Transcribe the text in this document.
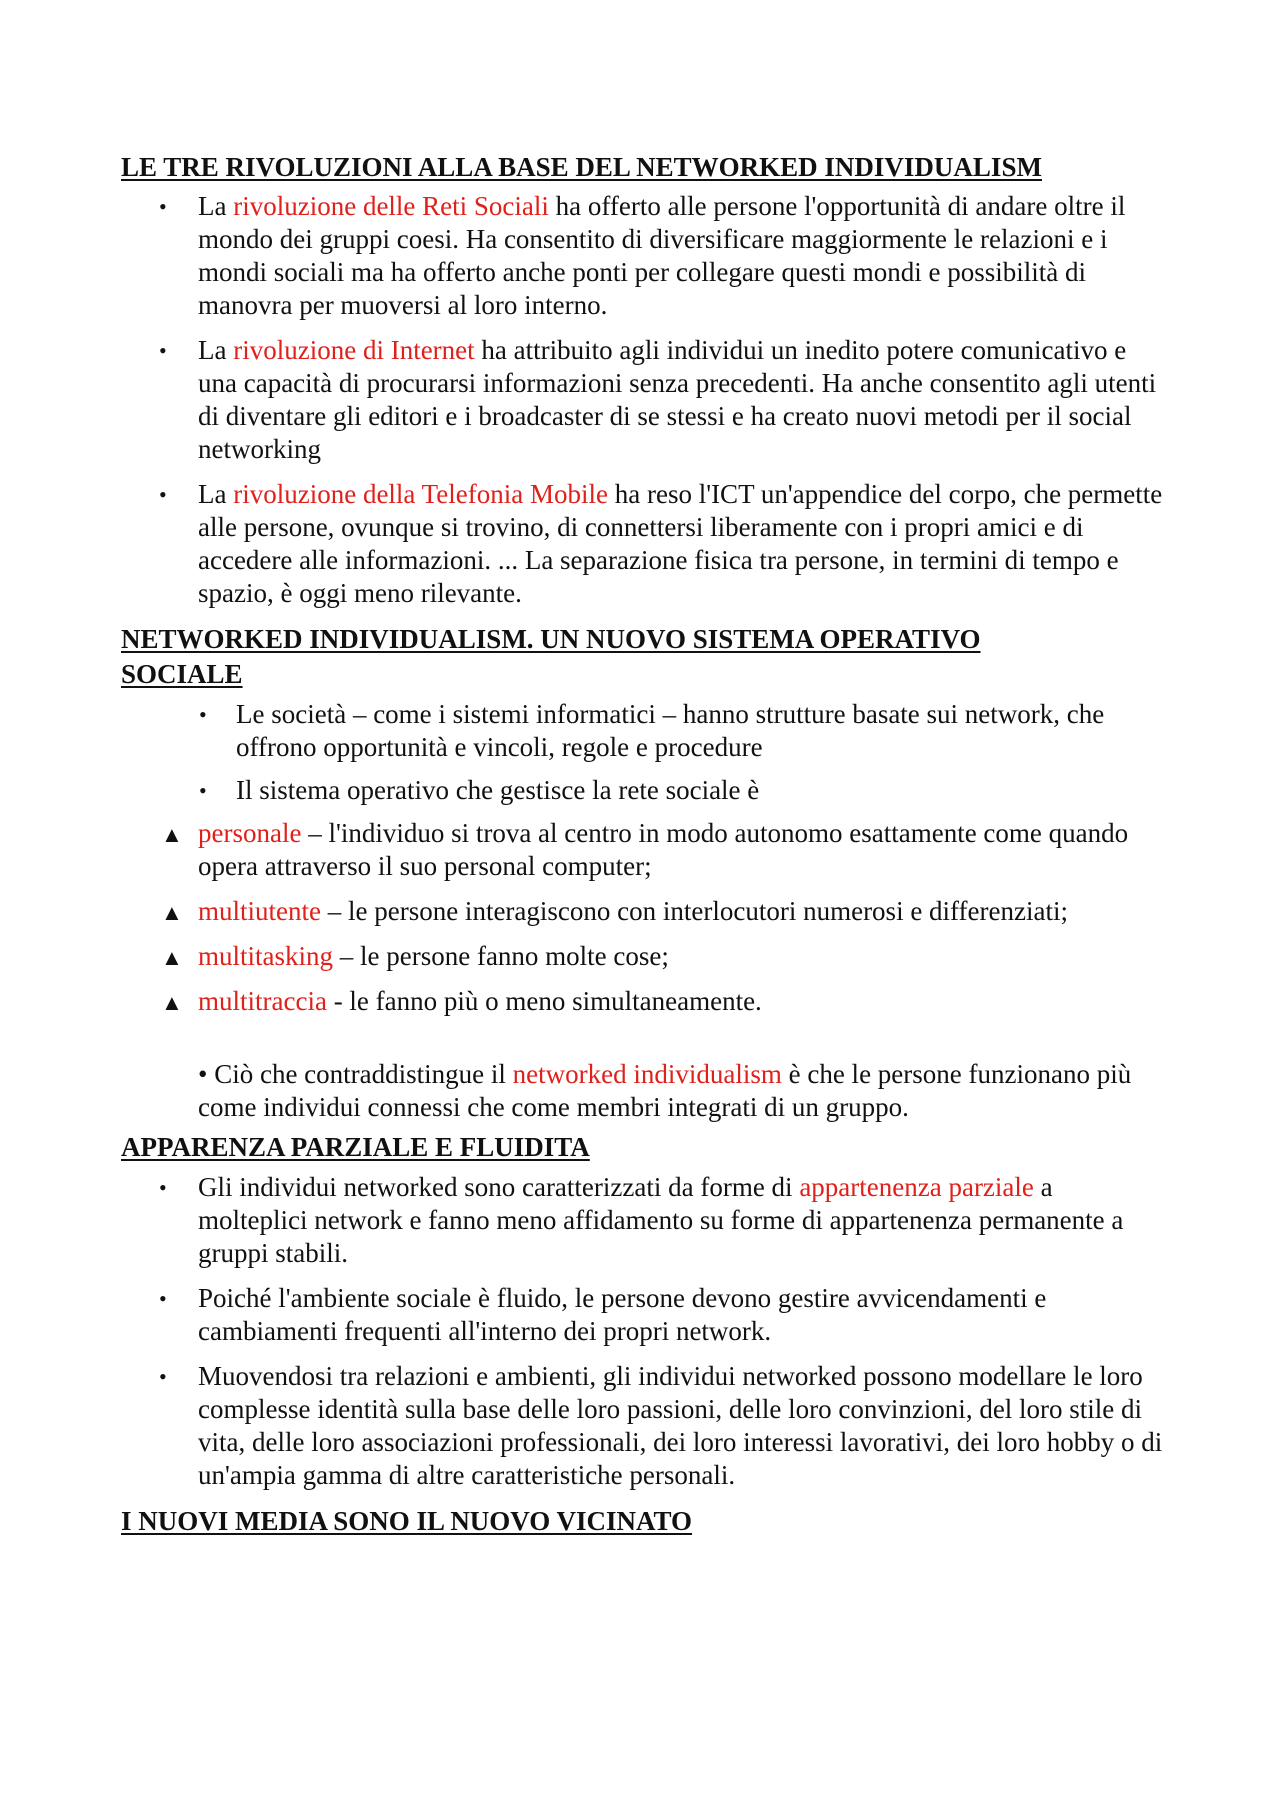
LE TRE RIVOLUZIONI ALLA BASE DEL NETWORKED INDIVIDUALISM

• La rivoluzione delle Reti Sociali ha offerto alle persone l'opportunità di andare oltre il mondo dei gruppi coesi. Ha consentito di diversificare maggiormente le relazioni e i mondi sociali ma ha offerto anche ponti per collegare questi mondi e possibilità di manovra per muoversi al loro interno.
• La rivoluzione di Internet ha attribuito agli individui un inedito potere comunicativo e una capacità di procurarsi informazioni senza precedenti. Ha anche consentito agli utenti di diventare gli editori e i broadcaster di se stessi e ha creato nuovi metodi per il social networking
• La rivoluzione della Telefonia Mobile ha reso l'ICT un'appendice del corpo, che permette alle persone, ovunque si trovino, di connettersi liberamente con i propri amici e di accedere alle informazioni. ... La separazione fisica tra persone, in termini di tempo e spazio, è oggi meno rilevante.

NETWORKED INDIVIDUALISM. UN NUOVO SISTEMA OPERATIVO SOCIALE

• Le società – come i sistemi informatici – hanno strutture basate sui network, che offrono opportunità e vincoli, regole e procedure
• Il sistema operativo che gestisce la rete sociale è
▲ personale – l'individuo si trova al centro in modo autonomo esattamente come quando opera attraverso il suo personal computer;
▲ multiutente – le persone interagiscono con interlocutori numerosi e differenziati;
▲ multitasking – le persone fanno molte cose;
▲ multitraccia - le fanno più o meno simultaneamente.

• Ciò che contraddistingue il networked individualism è che le persone funzionano più come individui connessi che come membri integrati di un gruppo.

APPARENZA PARZIALE E FLUIDITA

• Gli individui networked sono caratterizzati da forme di appartenenza parziale a molteplici network e fanno meno affidamento su forme di appartenenza permanente a gruppi stabili.
• Poiché l'ambiente sociale è fluido, le persone devono gestire avvicendamenti e cambiamenti frequenti all'interno dei propri network.
• Muovendosi tra relazioni e ambienti, gli individui networked possono modellare le loro complesse identità sulla base delle loro passioni, delle loro convinzioni, del loro stile di vita, delle loro associazioni professionali, dei loro interessi lavorativi, dei loro hobby o di un'ampia gamma di altre caratteristiche personali.

I NUOVI MEDIA SONO IL NUOVO VICINATO
